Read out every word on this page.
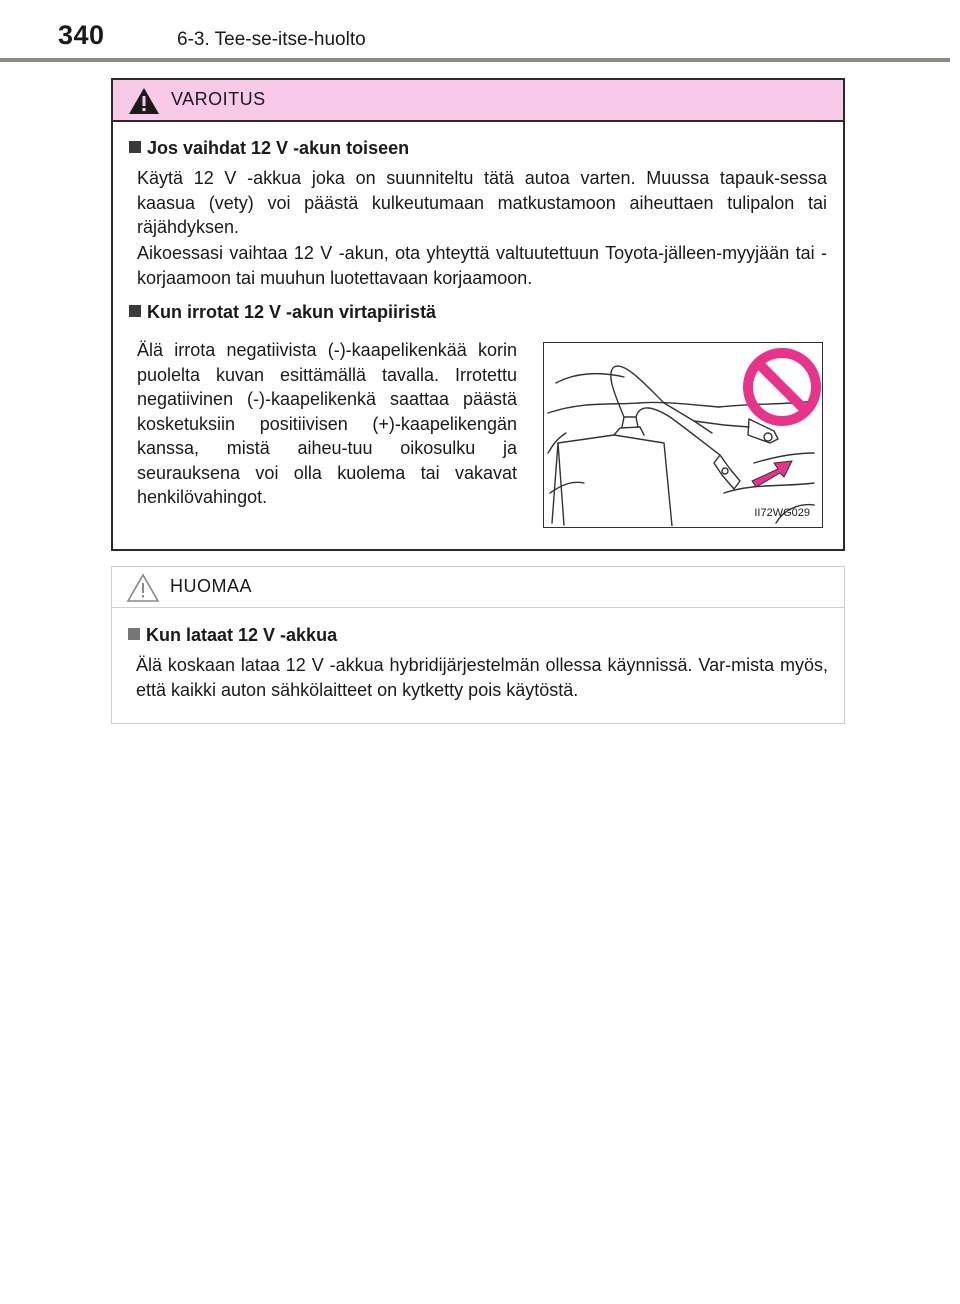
340	6-3. Tee-se-itse-huolto
VAROITUS
Jos vaihdat 12 V -akun toiseen
Käytä 12 V -akkua joka on suunniteltu tätä autoa varten. Muussa tapauk-sessa kaasua (vety) voi päästä kulkeutumaan matkustamoon aiheuttaen tulipalon tai räjähdyksen.
Aikoessasi vaihtaa 12 V -akun, ota yhteyttä valtuutettuun Toyota-jälleen-myyjään tai -korjaamoon tai muuhun luotettavaan korjaamoon.
Kun irrotat 12 V -akun virtapiiristä
Älä irrota negatiivista (-)-kaapelikenkää korin puolelta kuvan esittämällä tavalla. Irrotettu negatiivinen (-)-kaapelikenkä saattaa päästä kosketuksiin positiivisen (+)-kaapelikengän kanssa, mistä aiheu-tuu oikosulku ja seurauksena voi olla kuolema tai vakavat henkilövahingot.
II72WG029
HUOMAA
Kun lataat 12 V -akkua
Älä koskaan lataa 12 V -akkua hybridijärjestelmän ollessa käynnissä. Var-mista myös, että kaikki auton sähkölaitteet on kytketty pois käytöstä.
